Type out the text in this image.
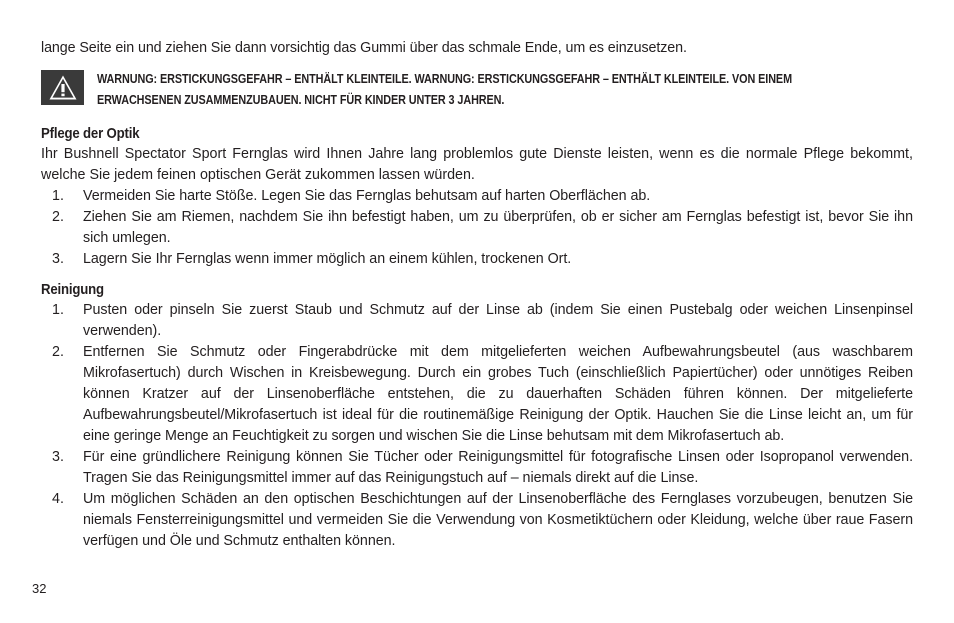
lange Seite ein und ziehen Sie dann vorsichtig das Gummi über das schmale Ende, um es einzusetzen.

WARNUNG: ERSTICKUNGSGEFAHR – ENTHÄLT KLEINTEILE. WARNUNG: ERSTICKUNGSGEFAHR – ENTHÄLT KLEINTEILE. VON EINEM ERWACHSENEN ZUSAMMENZUBAUEN. NICHT FÜR KINDER UNTER 3 JAHREN.
Pflege der Optik

Ihr Bushnell Spectator Sport Fernglas wird Ihnen Jahre lang problemlos gute Dienste leisten, wenn es die normale Pflege bekommt, welche Sie jedem feinen optischen Gerät zukommen lassen würden.

1.	Vermeiden Sie harte Stöße. Legen Sie das Fernglas behutsam auf harten Oberflächen ab.
2.	Ziehen Sie am Riemen, nachdem Sie ihn befestigt haben, um zu überprüfen, ob er sicher am Fernglas befestigt ist, bevor Sie ihn sich umlegen.
3.	Lagern Sie Ihr Fernglas wenn immer möglich an einem kühlen, trockenen Ort.
Reinigung
1.	Pusten oder pinseln Sie zuerst Staub und Schmutz auf der Linse ab (indem Sie einen Pustebalg oder weichen Linsenpinsel verwenden).
2.	Entfernen Sie Schmutz oder Fingerabdrücke mit dem mitgelieferten weichen Aufbewahrungsbeutel (aus waschbarem Mikrofasertuch) durch Wischen in Kreisbewegung. Durch ein grobes Tuch (einschließlich Papiertücher) oder unnötiges Reiben können Kratzer auf der Linsenoberfläche entstehen, die zu dauerhaften Schäden führen können. Der mitgelieferte Aufbewahrungsbeutel/Mikrofasertuch ist ideal für die routinemäßige Reinigung der Optik. Hauchen Sie die Linse leicht an, um für eine geringe Menge an Feuchtigkeit zu sorgen und wischen Sie die Linse behutsam mit dem Mikrofasertuch ab.
3.	Für eine gründlichere Reinigung können Sie Tücher oder Reinigungsmittel für fotografische Linsen oder Isopropanol verwenden. Tragen Sie das Reinigungsmittel immer auf das Reinigungstuch auf – niemals direkt auf die Linse.
4.	Um möglichen Schäden an den optischen Beschichtungen auf der Linsenoberfläche des Fernglases vorzubeugen, benutzen Sie niemals Fensterreinigungsmittel und vermeiden Sie die Verwendung von Kosmetiktüchern oder Kleidung, welche über raue Fasern verfügen und Öle und Schmutz enthalten können.
32
